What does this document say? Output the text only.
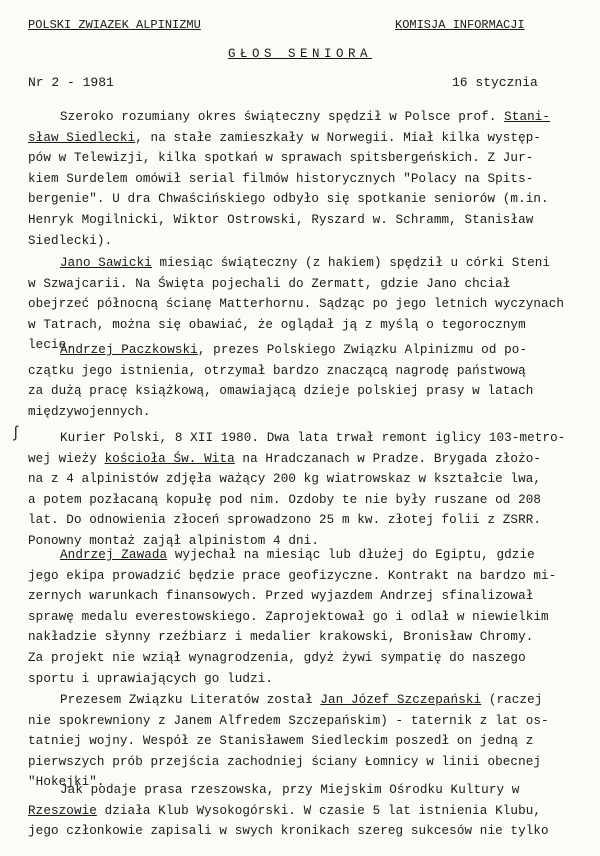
POLSKI ZWIAZEK ALPINIZMU	KOMISJA INFORMACJI
GŁOS SENIORA
Nr 2 - 1981	16 stycznia
Szeroko rozumiany okres świąteczny spędził w Polsce prof. Stani-
sław Siedlecki, na stałe zamieszkały w Norwegii. Miał kilka występ-
pów w Telewizji, kilka spotkań w sprawach spitsbergeńskich. Z Jur-
kiem Surdelem omówił serial filmów historycznych "Polacy na Spits-
bergenie". U dra Chwaścińskiego odbyło się spotkanie seniorów (m.in.
Henryk Mogilnicki, Wiktor Ostrowski, Ryszard w. Schramm, Stanisław
Siedlecki).
Jano Sawicki miesiąc świąteczny (z hakiem) spędził u córki Steni
w Szwajcarii. Na Święta pojechali do Zermatt, gdzie Jano chciał
obejrzeć północną ścianę Matterhornu. Sądząc po jego letnich wyczynach
w Tatrach, można się obawiać, że oglądał ją z myślą o tegorocznym
lecie.
Andrzej Paczkowski, prezes Polskiego Związku Alpinizmu od po-
czątku jego istnienia, otrzymał bardzo znaczącą nagrodę państwową
za dużą pracę książkową, omawiającą dzieje polskiej prasy w latach
międzywojennych.
Kurier Polski, 8 XII 1980. Dwa lata trwał remont iglicy 103-metro-
wej wieży kościoła Św. Wita na Hradczanach w Pradze. Brygada złożo-
na z 4 alpinistów zdjęła ważący 200 kg wiatrowskaz w kształcie lwa,
a potem pozłacaną kopułę pod nim. Ozdoby te nie były ruszane od 208
lat. Do odnowienia złoceń sprowadzono 25 m kw. złotej folii z ZSRR.
Ponowny montaż zajął alpinistom 4 dni.
Andrzej Zawada wyjechał na miesiąc lub dłużej do Egiptu, gdzie
jego ekipa prowadzić będzie prace geofizyczne. Kontrakt na bardzo mi-
zernych warunkach finansowych. Przed wyjazdem Andrzej sfinalizował
sprawę medalu everestowskiego. Zaprojektował go i odlał w niewielkim
nakładzie słynny rzeźbiarz i medalier krakowski, Bronisław Chromy.
Za projekt nie wziął wynagrodzenia, gdyż żywi sympatię do naszego
sportu i uprawiających go ludzi.
Prezesem Związku Literatów został Jan Józef Szczepański (raczej
nie spokrewniony z Janem Alfredem Szczepańskim) - taternik z lat os-
tatniej wojny. Wespół ze Stanisławem Siedleckim poszedł on jedną z
pierwszych prób przejścia zachodniej ściany Łomnicy w linii obecnej
"Hokejki".
Jak podaje prasa rzeszowska, przy Miejskim Ośrodku Kultury w
Rzeszowie działa Klub Wysokogórski. W czasie 5 lat istnienia Klubu,
jego członkowie zapisali w swych kronikach szereg sukcesów nie tylko
ʃ
